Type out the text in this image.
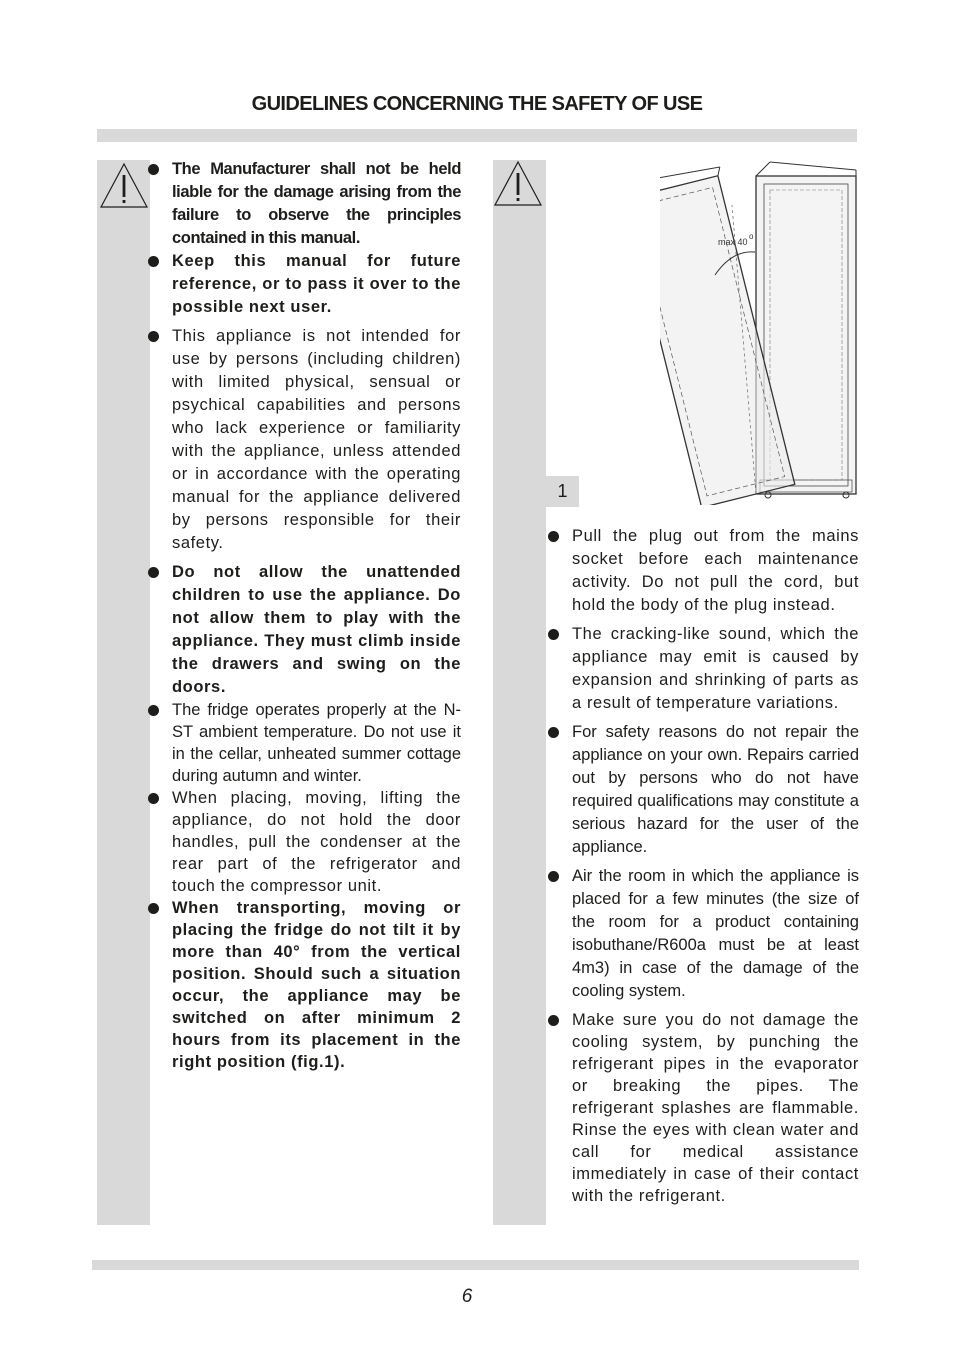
GUIDELINES CONCERNING THE SAFETY OF USE
The Manufacturer shall not be held liable for the damage arising from the failure to observe the principles contained in this manual.
Keep this manual for future reference, or to pass it over to the possible next user.
This appliance is not intended for use by persons (including children) with limited physical, sensual or psychical capabilities and persons who lack experience or familiarity with the appliance, unless attended or in accordance with the operating manual for the appliance delivered by persons responsible for their safety.
Do not allow the unattended children to use the appliance. Do not allow them to play with the appliance. They must climb inside the drawers and swing on the doors.
The fridge operates properly at the N-ST ambient temperature. Do not use it in the cellar, unheated summer cottage during autumn and winter.
When placing, moving, lifting the appliance, do not hold the door handles, pull the condenser at the rear part of the refrigerator and touch the compressor unit.
When transporting, moving or placing the fridge do not tilt it by more than 40° from the vertical position. Should such a situation occur, the appliance may be switched on after minimum 2 hours from its placement in the right position (fig.1).
1
max 40
o
Pull the plug out from the mains socket before each maintenance activity. Do not pull the cord, but hold the body of the plug instead.
The cracking-like sound, which the appliance may emit is caused by expansion and shrinking of parts as a result of temperature variations.
For safety reasons do not repair the appliance on your own. Repairs carried out by persons who do not have required qualifications may constitute a serious hazard for the user of the appliance.
Air the room in which the appliance is placed for a few minutes (the size of the room for a product containing isobuthane/R600a must be at least 4m3) in case of the damage of the cooling system.
Make sure you do not damage the cooling system, by punching the refrigerant pipes in the evaporator or breaking the pipes. The refrigerant splashes are flammable. Rinse the eyes with clean water and call for medical assistance immediately in case of their contact with the refrigerant.
6
